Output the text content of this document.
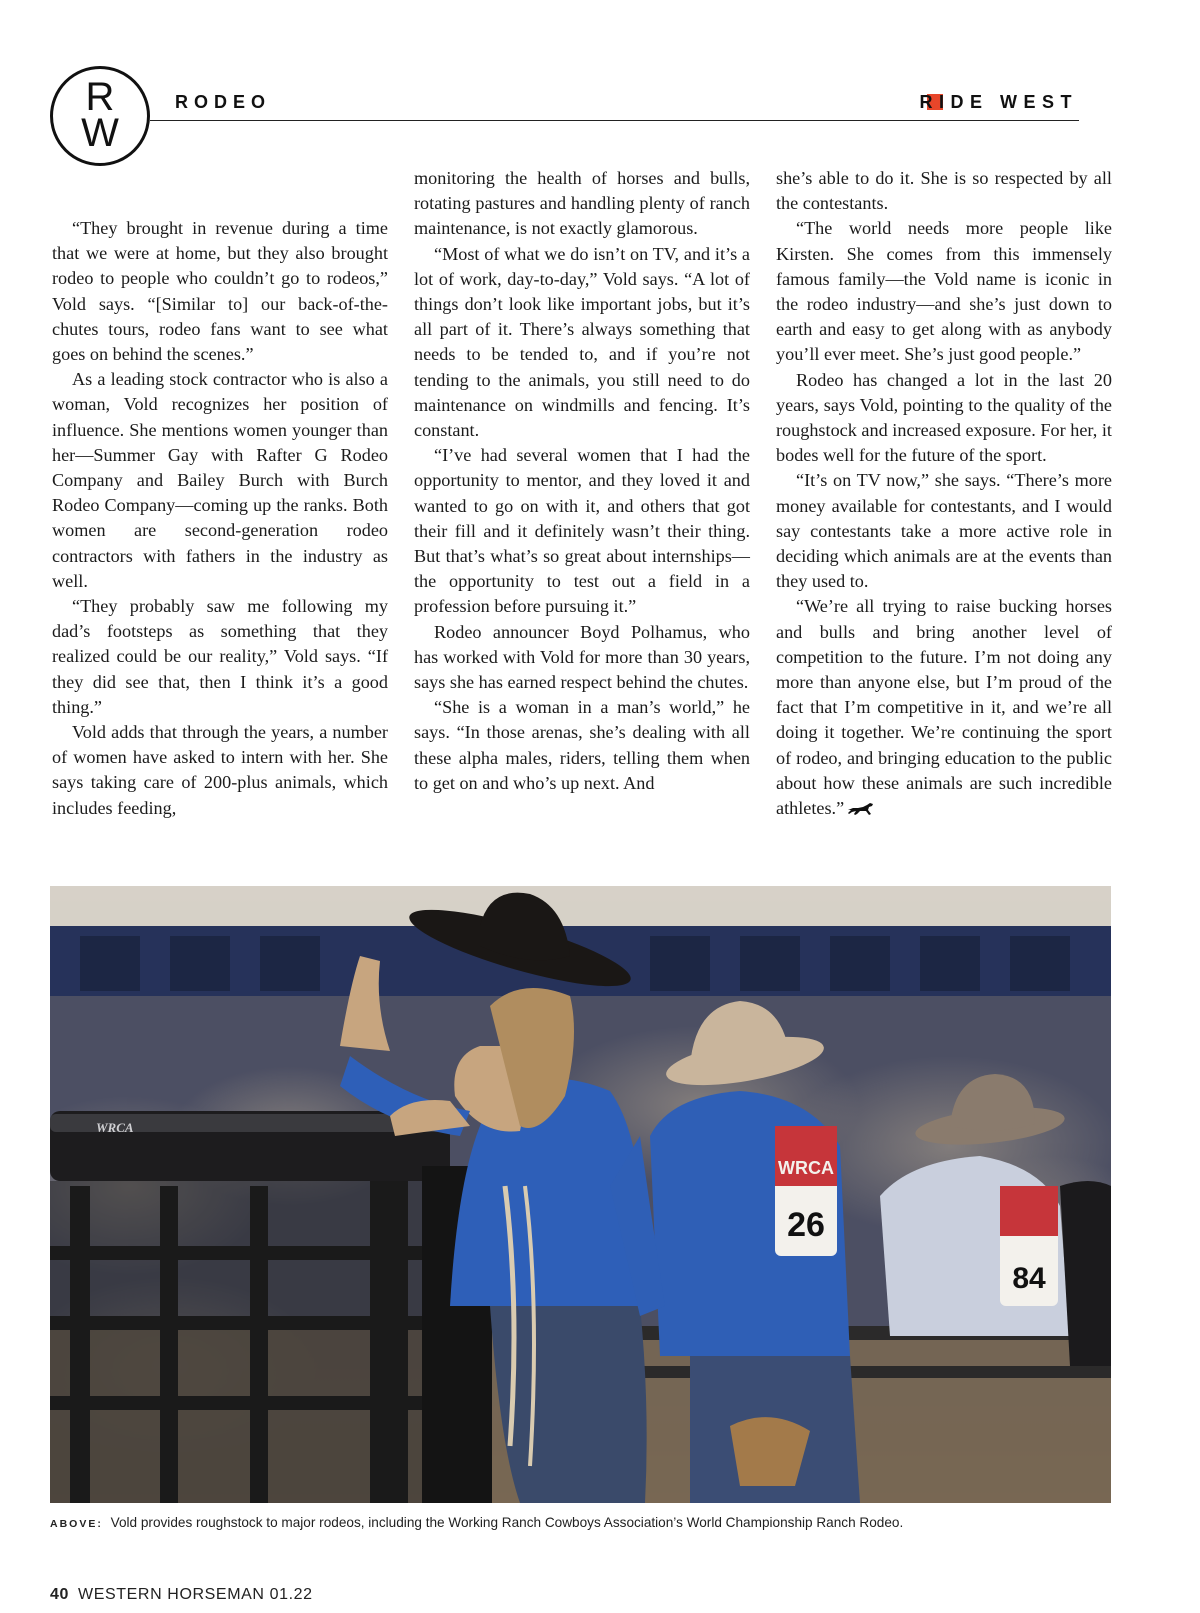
R
W
RODEO	RIDE WEST

“They brought in revenue during a time that we were at home, but they also brought rodeo to people who couldn’t go to rodeos,” Vold says. “[Similar to] our back-of-the-chutes tours, rodeo fans want to see what goes on behind the scenes.”

As a leading stock contractor who is also a woman, Vold recognizes her position of influence. She mentions women younger than her—Summer Gay with Rafter G Rodeo Company and Bailey Burch with Burch Rodeo Company—coming up the ranks. Both women are second-generation rodeo contractors with fathers in the industry as well.

“They probably saw me following my dad’s footsteps as something that they realized could be our reality,” Vold says. “If they did see that, then I think it’s a good thing.”

Vold adds that through the years, a number of women have asked to intern with her. She says taking care of 200-plus animals, which includes feeding,

monitoring the health of horses and bulls, rotating pastures and handling plenty of ranch maintenance, is not exactly glamorous.

“Most of what we do isn’t on TV, and it’s a lot of work, day-to-day,” Vold says. “A lot of things don’t look like important jobs, but it’s all part of it. There’s always something that needs to be tended to, and if you’re not tending to the animals, you still need to do maintenance on windmills and fencing. It’s constant.

“I’ve had several women that I had the opportunity to mentor, and they loved it and wanted to go on with it, and others that got their fill and it definitely wasn’t their thing. But that’s what’s so great about internships—the opportunity to test out a field in a profession before pursuing it.”

Rodeo announcer Boyd Polhamus, who has worked with Vold for more than 30 years, says she has earned respect behind the chutes.

“She is a woman in a man’s world,” he says. “In those arenas, she’s dealing with all these alpha males, riders, telling them when to get on and who’s up next. And

she’s able to do it. She is so respected by all the contestants.

“The world needs more people like Kirsten. She comes from this immensely famous family—the Vold name is iconic in the rodeo industry—and she’s just down to earth and easy to get along with as anybody you’ll ever meet. She’s just good people.”

Rodeo has changed a lot in the last 20 years, says Vold, pointing to the quality of the roughstock and increased exposure. For her, it bodes well for the future of the sport.

“It’s on TV now,” she says. “There’s more money available for contestants, and I would say contestants take a more active role in deciding which animals are at the events than they used to.

“We’re all trying to raise bucking horses and bulls and bring another level of competition to the future. I’m not doing any more than anyone else, but I’m proud of the fact that I’m competitive in it, and we’re all doing it together. We’re continuing the sport of rodeo, and bringing education to the public about how these animals are such incredible athletes.”

WRCA
WRCA
26
84
ABOVE: Vold provides roughstock to major rodeos, including the Working Ranch Cowboys Association’s World Championship Ranch Rodeo.
40 WESTERN HORSEMAN 01.22
